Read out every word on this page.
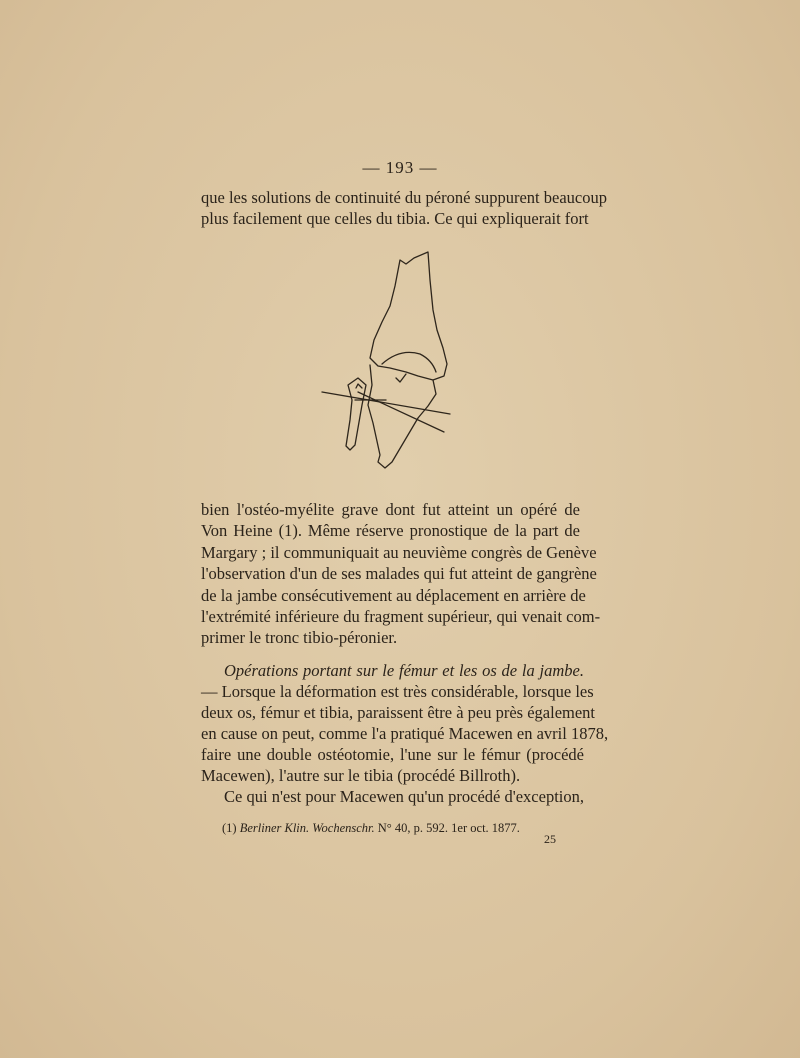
— 193 —
que les solutions de continuité du péroné suppurent beaucoup
plus facilement que celles du tibia. Ce qui expliquerait fort
bien l'ostéo-myélite grave dont fut atteint un opéré de
Von Heine (1). Même réserve pronostique de la part de
Margary ; il communiquait au neuvième congrès de Genève
l'observation d'un de ses malades qui fut atteint de gangrène
de la jambe consécutivement au déplacement en arrière de
l'extrémité inférieure du fragment supérieur, qui venait com-
primer le tronc tibio-péronier.
Opérations portant sur le fémur et les os de la jambe.
— Lorsque la déformation est très considérable, lorsque les
deux os, fémur et tibia, paraissent être à peu près également
en cause on peut, comme l'a pratiqué Macewen en avril 1878,
faire une double ostéotomie, l'une sur le fémur (procédé
Macewen), l'autre sur le tibia (procédé Billroth).
Ce qui n'est pour Macewen qu'un procédé d'exception,
(1) Berliner Klin. Wochenschr. N° 40, p. 592. 1er oct. 1877.
25
